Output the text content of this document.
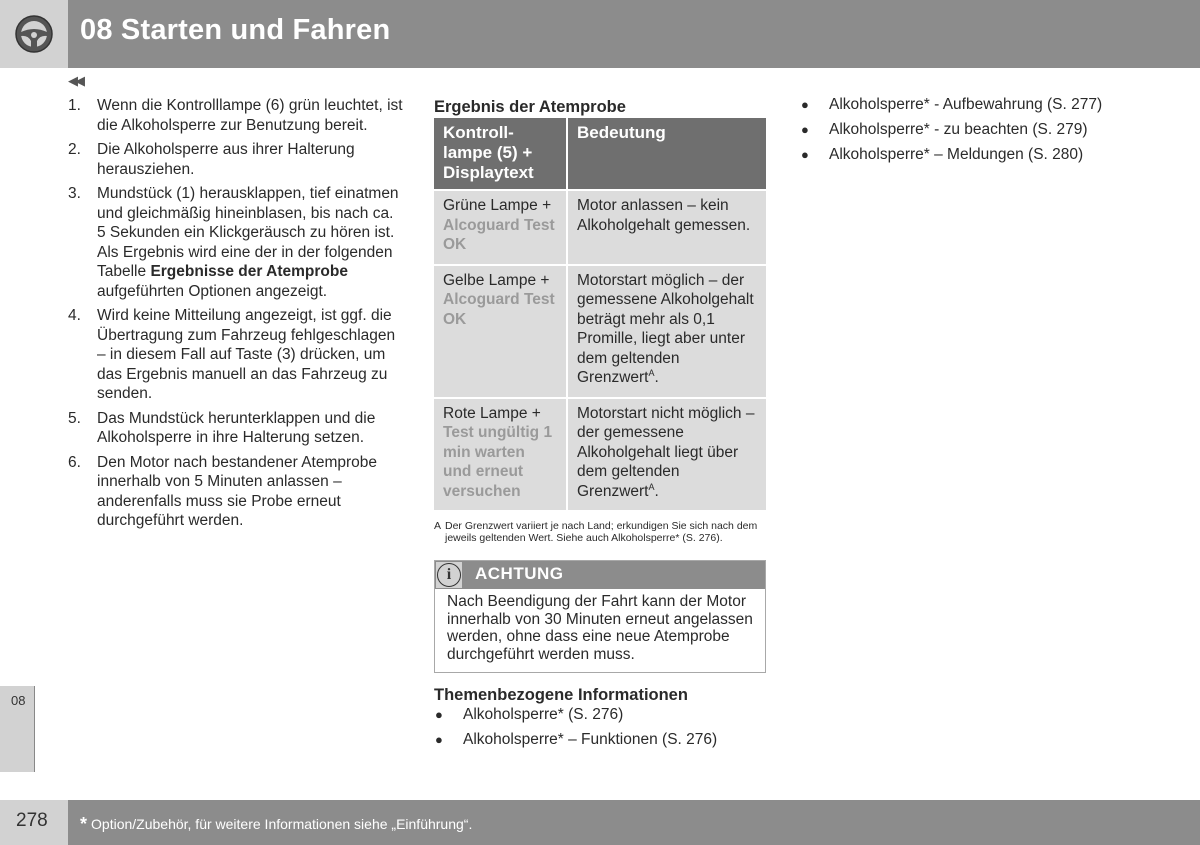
08 Starten und Fahren
◀◀
1. Wenn die Kontrolllampe (6) grün leuchtet, ist die Alkoholsperre zur Benutzung bereit.
2. Die Alkoholsperre aus ihrer Halterung herausziehen.
3. Mundstück (1) herausklappen, tief einatmen und gleichmäßig hineinblasen, bis nach ca. 5 Sekunden ein Klickgeräusch zu hören ist. Als Ergebnis wird eine der in der folgenden Tabelle Ergebnisse der Atemprobe aufgeführten Optionen angezeigt.
4. Wird keine Mitteilung angezeigt, ist ggf. die Übertragung zum Fahrzeug fehlgeschlagen – in diesem Fall auf Taste (3) drücken, um das Ergebnis manuell an das Fahrzeug zu senden.
5. Das Mundstück herunterklappen und die Alkoholsperre in ihre Halterung setzen.
6. Den Motor nach bestandener Atemprobe innerhalb von 5 Minuten anlassen – anderenfalls muss sie Probe erneut durchgeführt werden.
Ergebnis der Atemprobe
Kontroll-lampe (5) + Displaytext	Bedeutung
Grüne Lampe +
Alcoguard Test OK	Motor anlassen – kein Alkoholgehalt gemessen.
Gelbe Lampe +
Alcoguard Test OK	Motorstart möglich – der gemessene Alkoholgehalt beträgt mehr als 0,1 Promille, liegt aber unter dem geltenden Grenzwert$^A$.
Rote Lampe +
Test ungültig 1 min warten und erneut versuchen	Motorstart nicht möglich – der gemessene Alkoholgehalt liegt über dem geltenden Grenzwert$^A$.
A Der Grenzwert variiert je nach Land; erkundigen Sie sich nach dem jeweils geltenden Wert. Siehe auch Alkoholsperre* (S. 276).
i	ACHTUNG
Nach Beendigung der Fahrt kann der Motor innerhalb von 30 Minuten erneut angelassen werden, ohne dass eine neue Atemprobe durchgeführt werden muss.
Themenbezogene Informationen
● Alkoholsperre* (S. 276)
● Alkoholsperre* – Funktionen (S. 276)
● Alkoholsperre* - Aufbewahrung (S. 277)
● Alkoholsperre* - zu beachten (S. 279)
● Alkoholsperre* – Meldungen (S. 280)
08
278 * Option/Zubehör, für weitere Informationen siehe „Einführung“.
